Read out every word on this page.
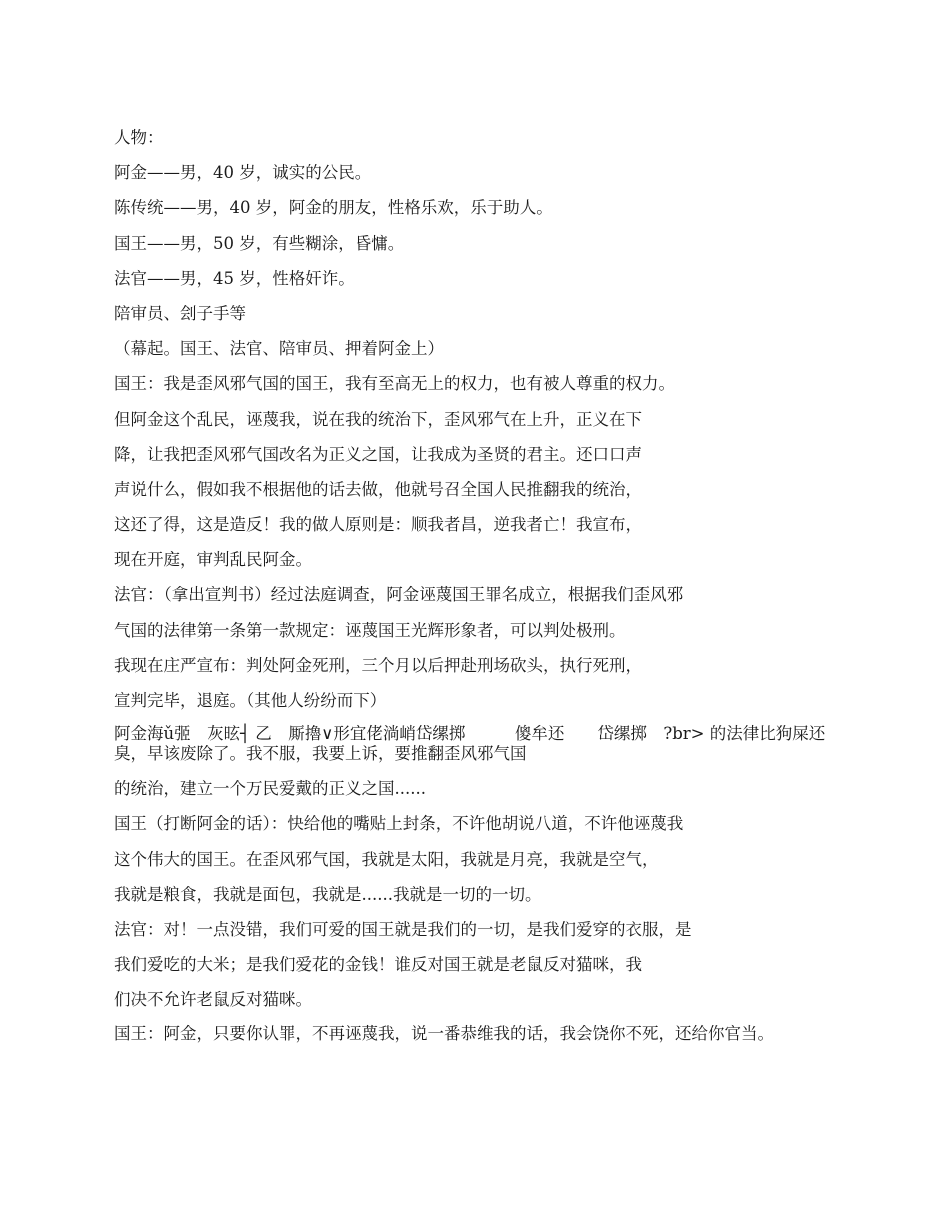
人物：

阿金——男，40 岁，诚实的公民。

陈传统——男，40 岁，阿金的朋友，性格乐欢，乐于助人。

国王——男，50 岁，有些糊涂，昏慵。

法官——男，45 岁，性格奸诈。

陪审员、刽子手等

（幕起。国王、法官、陪审员、押着阿金上）

国王：我是歪风邪气国的国王，我有至高无上的权力，也有被人尊重的权力。

但阿金这个乱民，诬蔑我，说在我的统治下，歪风邪气在上升，正义在下

降，让我把歪风邪气国改名为正义之国，让我成为圣贤的君主。还口口声

声说什么，假如我不根据他的话去做，他就号召全国人民推翻我的统治，

这还了得，这是造反！我的做人原则是：顺我者昌，逆我者亡！我宣布，

现在开庭，审判乱民阿金。

法官：（拿出宣判书）经过法庭调查，阿金诬蔑国王罪名成立，根据我们歪风邪

气国的法律第一条第一款规定：诬蔑国王光辉形象者，可以判处极刑。

我现在庄严宣布：判处阿金死刑，三个月以后押赴刑场砍头，执行死刑，

宣判完毕，退庭。（其他人纷纷而下）

阿金海ǔ弬　灰昡┤ 乙　厮擼∨形宜佬淌峭岱缧掷　　　傻牟还　　岱缧掷　?br> 的法律比狗屎还臭，早该废除了。我不服，我要上诉，要推翻歪风邪气国

的统治，建立一个万民爱戴的正义之国......

国王（打断阿金的话）：快给他的嘴贴上封条，不许他胡说八道，不许他诬蔑我

这个伟大的国王。在歪风邪气国，我就是太阳，我就是月亮，我就是空气，

我就是粮食，我就是面包，我就是......我就是一切的一切。

法官：对！一点没错，我们可爱的国王就是我们的一切，是我们爱穿的衣服，是

我们爱吃的大米；是我们爱花的金钱！谁反对国王就是老鼠反对猫咪，我

们决不允许老鼠反对猫咪。

国王：阿金，只要你认罪，不再诬蔑我，说一番恭维我的话，我会饶你不死，还给你官当。
